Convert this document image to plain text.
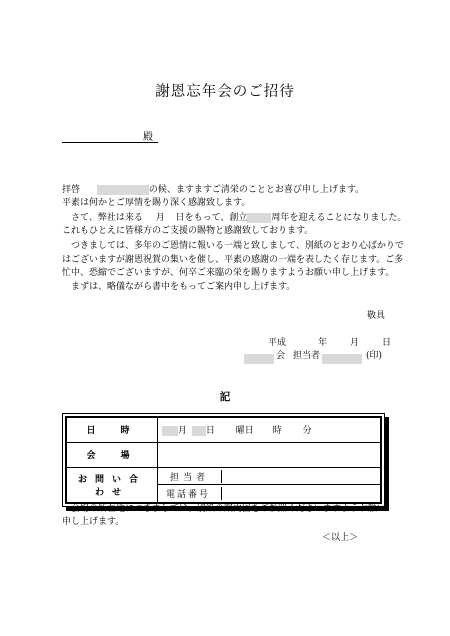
謝恩忘年会のご招待
殿
拝啓	の候、ますますご清栄のこととお喜び申し上げます。
平素は何かとご厚情を賜り深く感謝致します。
さて、弊社は来る 月 日をもって、創立	周年を迎えることになりました。
これもひとえに皆様方のご支援の賜物と感謝致しております。
つきましては、多年のご恩情に報いる一端と致しまして、別紙のとおり心ばかりで
はございますが謝恩祝賀の集いを催し、平素の感謝の一端を表したく存じます。ご多
忙中、恐縮でございますが、何卒ご来臨の栄を賜りますようお願い申し上げます。
まずは、略儀ながら書中をもってご案内申し上げます。
敬具
平成	年	月	日
会 担当者	(印)
記
日　時	月 日 曜日 時 分
会　場	
お問い合わせ	担当者
	電話番号
会場の所在地につきましては、別紙の案内図をご参照くださいますようお願い申し上げます。
＜以上＞
